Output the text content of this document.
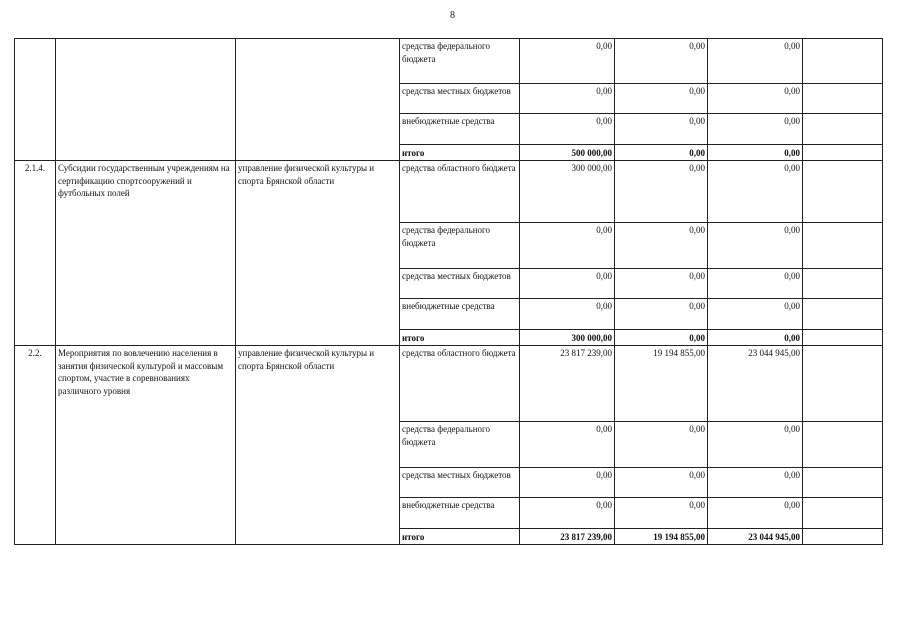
8
			средства федерального бюджета	0,00	0,00	0,00	
			средства местных бюджетов	0,00	0,00	0,00	
			внебюджетные средства	0,00	0,00	0,00	
			итого	500 000,00	0,00	0,00	
2.1.4.	Субсидии государственным учреждениям на сертификацию спортсооружений и футбольных полей	управление физической культуры и спорта Брянской области	средства областного бюджета	300 000,00	0,00	0,00	
			средства федерального бюджета	0,00	0,00	0,00	
			средства местных бюджетов	0,00	0,00	0,00	
			внебюджетные средства	0,00	0,00	0,00	
			итого	300 000,00	0,00	0,00	
2.2.	Мероприятия по вовлечению населения в занятия физической культурой и массовым спортом, участие в соревнованиях различного уровня	управление физической культуры и спорта Брянской области	средства областного бюджета	23 817 239,00	19 194 855,00	23 044 945,00	
			средства федерального бюджета	0,00	0,00	0,00	
			средства местных бюджетов	0,00	0,00	0,00	
			внебюджетные средства	0,00	0,00	0,00	
			итого	23 817 239,00	19 194 855,00	23 044 945,00	
